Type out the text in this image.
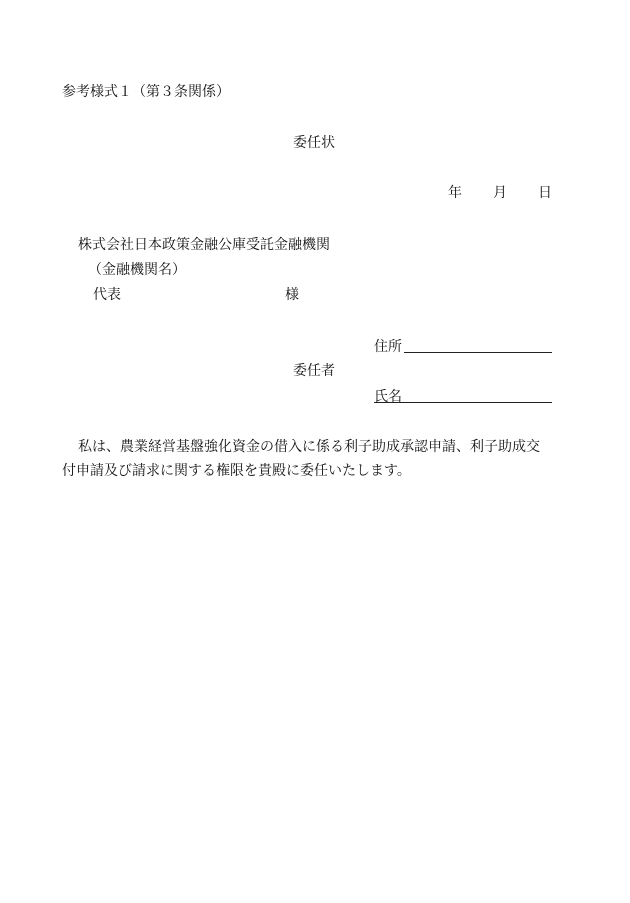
参考様式１（第３条関係）
委任状
年 月 日
株式会社日本政策金融公庫受託金融機関
（金融機関名）
代表	様
住所
委任者
氏名
私は、農業経営基盤強化資金の借入に係る利子助成承認申請、利子助成交
付申請及び請求に関する権限を貴殿に委任いたします。
